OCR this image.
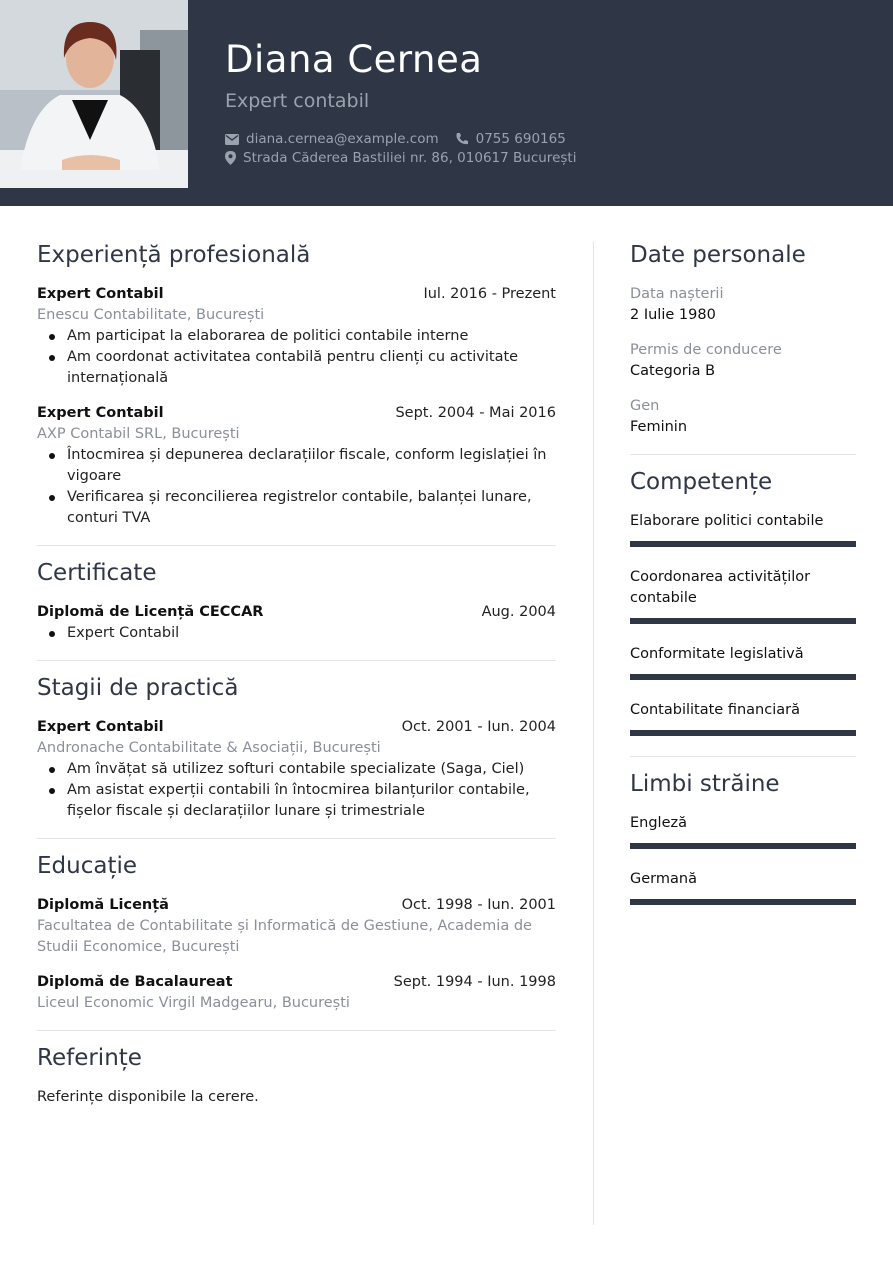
Diana Cernea
Expert contabil
diana.cernea@example.com	0755 690165
Strada Căderea Bastiliei nr. 86, 010617 București
Experiență profesională
Expert Contabil	Iul. 2016 - Prezent
Enescu Contabilitate, București
Am participat la elaborarea de politici contabile interne
Am coordonat activitatea contabilă pentru clienți cu activitate internațională
Expert Contabil	Sept. 2004 - Mai 2016
AXP Contabil SRL, București
Întocmirea și depunerea declarațiilor fiscale, conform legislației în vigoare
Verificarea și reconcilierea registrelor contabile, balanței lunare, conturi TVA
Certificate
Diplomă de Licență CECCAR	Aug. 2004
Expert Contabil
Stagii de practică
Expert Contabil	Oct. 2001 - Iun. 2004
Andronache Contabilitate & Asociații, București
Am învățat să utilizez softuri contabile specializate (Saga, Ciel)
Am asistat experții contabili în întocmirea bilanțurilor contabile, fișelor fiscale și declarațiilor lunare și trimestriale
Educație
Diplomă Licență	Oct. 1998 - Iun. 2001
Facultatea de Contabilitate și Informatică de Gestiune, Academia de Studii Economice, București
Diplomă de Bacalaureat	Sept. 1994 - Iun. 1998
Liceul Economic Virgil Madgearu, București
Referințe
Referințe disponibile la cerere.
Date personale
Data nașterii
2 Iulie 1980
Permis de conducere
Categoria B
Gen
Feminin
Competențe
Elaborare politici contabile
Coordonarea activităților contabile
Conformitate legislativă
Contabilitate financiară
Limbi străine
Engleză
Germană
